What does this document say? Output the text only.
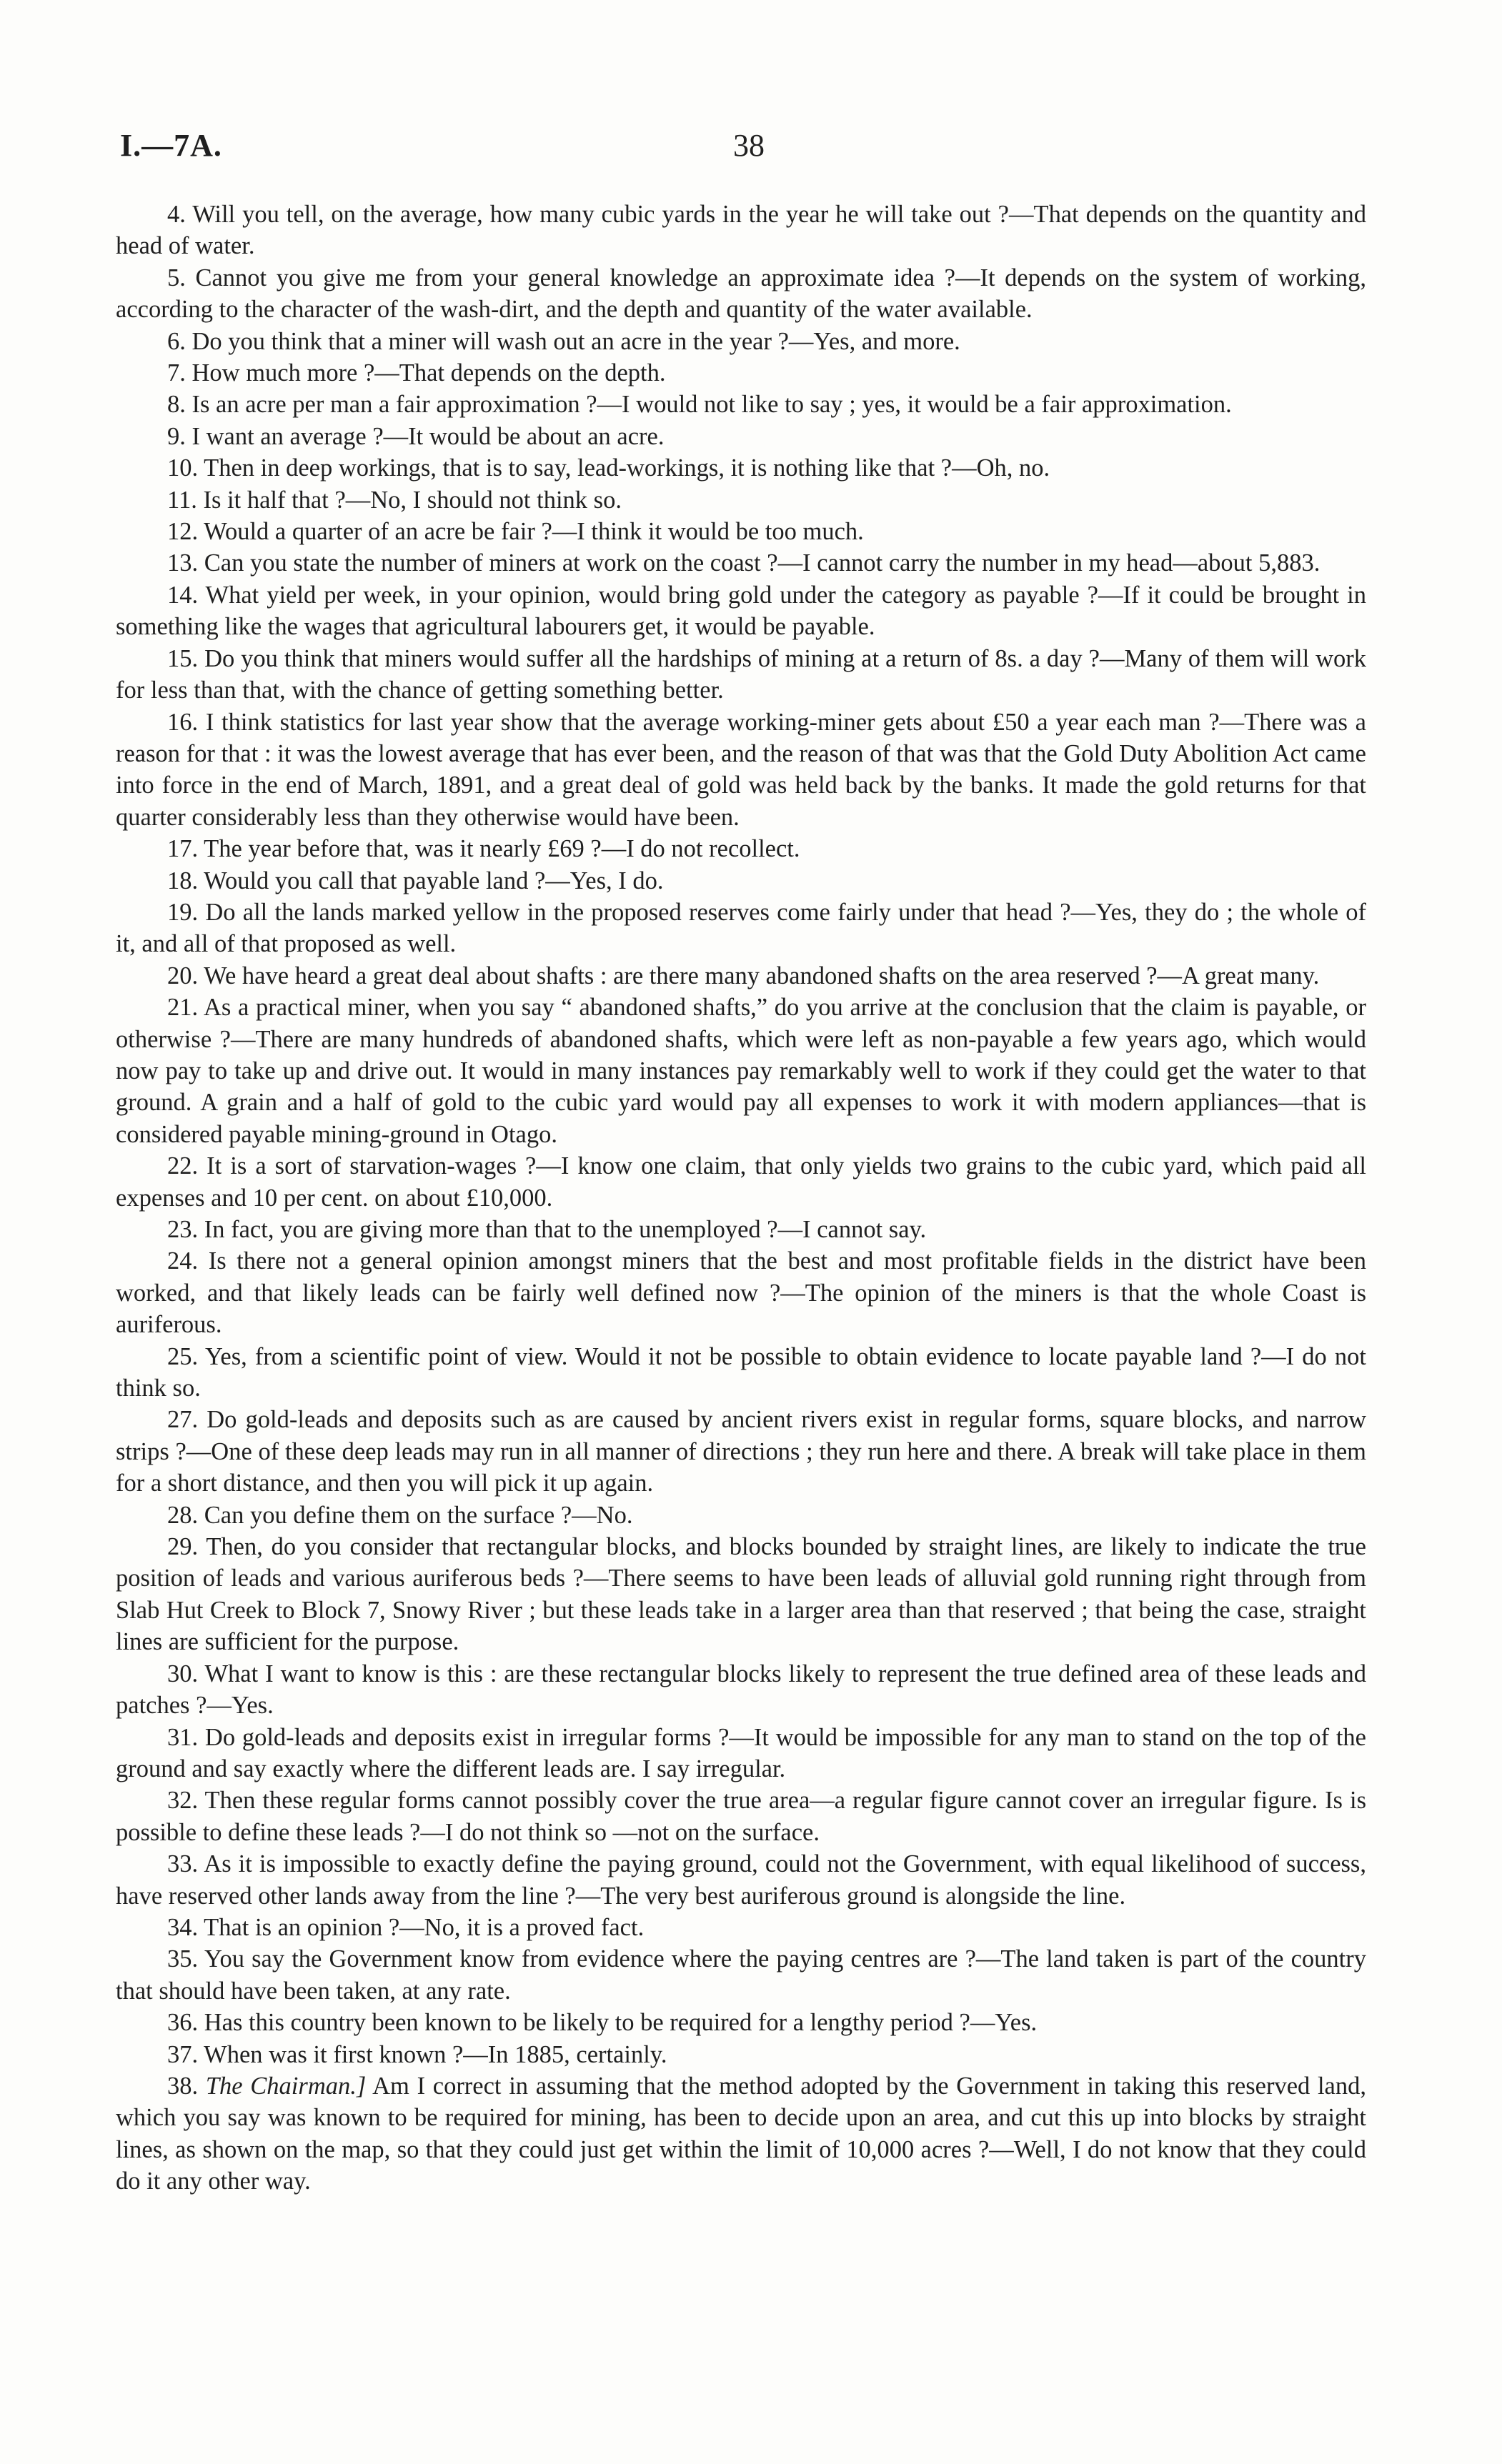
I.—7A.	38

4. Will you tell, on the average, how many cubic yards in the year he will take out ?—That depends on the quantity and head of water.

5. Cannot you give me from your general knowledge an approximate idea ?—It depends on the system of working, according to the character of the wash-dirt, and the depth and quantity of the water available.

6. Do you think that a miner will wash out an acre in the year ?—Yes, and more.

7. How much more ?—That depends on the depth.

8. Is an acre per man a fair approximation ?—I would not like to say ; yes, it would be a fair approximation.

9. I want an average ?—It would be about an acre.

10. Then in deep workings, that is to say, lead-workings, it is nothing like that ?—Oh, no.

11. Is it half that ?—No, I should not think so.

12. Would a quarter of an acre be fair ?—I think it would be too much.

13. Can you state the number of miners at work on the coast ?—I cannot carry the number in my head—about 5,883.

14. What yield per week, in your opinion, would bring gold under the category as payable ?—If it could be brought in something like the wages that agricultural labourers get, it would be payable.

15. Do you think that miners would suffer all the hardships of mining at a return of 8s. a day ?—Many of them will work for less than that, with the chance of getting something better.

16. I think statistics for last year show that the average working-miner gets about £50 a year each man ?—There was a reason for that : it was the lowest average that has ever been, and the reason of that was that the Gold Duty Abolition Act came into force in the end of March, 1891, and a great deal of gold was held back by the banks. It made the gold returns for that quarter considerably less than they otherwise would have been.

17. The year before that, was it nearly £69 ?—I do not recollect.

18. Would you call that payable land ?—Yes, I do.

19. Do all the lands marked yellow in the proposed reserves come fairly under that head ?—Yes, they do ; the whole of it, and all of that proposed as well.

20. We have heard a great deal about shafts : are there many abandoned shafts on the area reserved ?—A great many.

21. As a practical miner, when you say “ abandoned shafts,” do you arrive at the conclusion that the claim is payable, or otherwise ?—There are many hundreds of abandoned shafts, which were left as non-payable a few years ago, which would now pay to take up and drive out. It would in many instances pay remarkably well to work if they could get the water to that ground. A grain and a half of gold to the cubic yard would pay all expenses to work it with modern appliances—that is considered payable mining-ground in Otago.

22. It is a sort of starvation-wages ?—I know one claim, that only yields two grains to the cubic yard, which paid all expenses and 10 per cent. on about £10,000.

23. In fact, you are giving more than that to the unemployed ?—I cannot say.

24. Is there not a general opinion amongst miners that the best and most profitable fields in the district have been worked, and that likely leads can be fairly well defined now ?—The opinion of the miners is that the whole Coast is auriferous.

25. Yes, from a scientific point of view. Would it not be possible to obtain evidence to locate payable land ?—I do not think so.

27. Do gold-leads and deposits such as are caused by ancient rivers exist in regular forms, square blocks, and narrow strips ?—One of these deep leads may run in all manner of directions ; they run here and there. A break will take place in them for a short distance, and then you will pick it up again.

28. Can you define them on the surface ?—No.

29. Then, do you consider that rectangular blocks, and blocks bounded by straight lines, are likely to indicate the true position of leads and various auriferous beds ?—There seems to have been leads of alluvial gold running right through from Slab Hut Creek to Block 7, Snowy River ; but these leads take in a larger area than that reserved ; that being the case, straight lines are sufficient for the purpose.

30. What I want to know is this : are these rectangular blocks likely to represent the true defined area of these leads and patches ?—Yes.

31. Do gold-leads and deposits exist in irregular forms ?—It would be impossible for any man to stand on the top of the ground and say exactly where the different leads are. I say irregular.

32. Then these regular forms cannot possibly cover the true area—a regular figure cannot cover an irregular figure. Is is possible to define these leads ?—I do not think so —not on the surface.

33. As it is impossible to exactly define the paying ground, could not the Government, with equal likelihood of success, have reserved other lands away from the line ?—The very best auriferous ground is alongside the line.

34. That is an opinion ?—No, it is a proved fact.

35. You say the Government know from evidence where the paying centres are ?—The land taken is part of the country that should have been taken, at any rate.

36. Has this country been known to be likely to be required for a lengthy period ?—Yes.

37. When was it first known ?—In 1885, certainly.

38. The Chairman.] Am I correct in assuming that the method adopted by the Government in taking this reserved land, which you say was known to be required for mining, has been to decide upon an area, and cut this up into blocks by straight lines, as shown on the map, so that they could just get within the limit of 10,000 acres ?—Well, I do not know that they could do it any other way.
